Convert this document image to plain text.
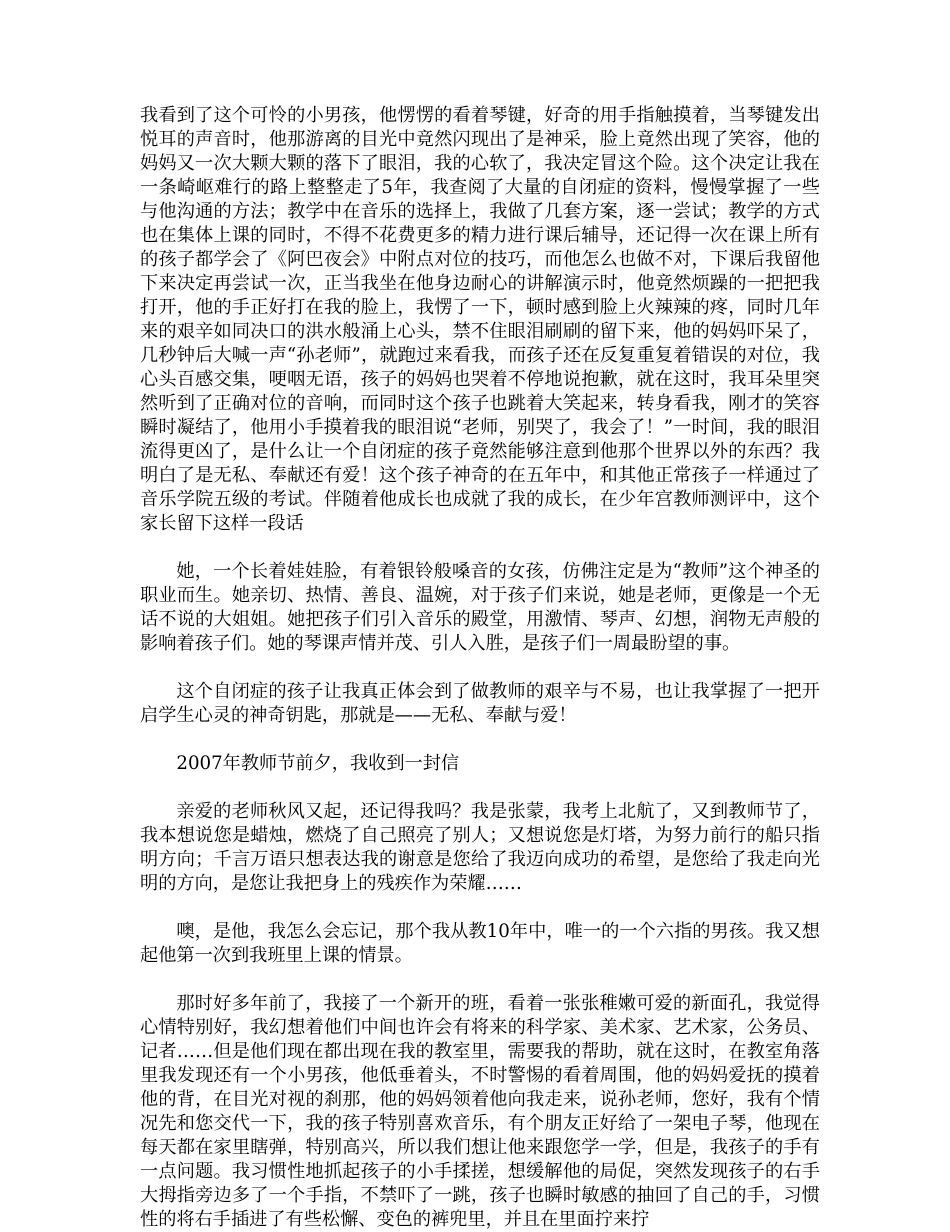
我看到了这个可怜的小男孩，他愣愣的看着琴键，好奇的用手指触摸着，当琴键发出悦耳的声音时，他那游离的目光中竟然闪现出了是神采，脸上竟然出现了笑容，他的妈妈又一次大颗大颗的落下了眼泪，我的心软了，我决定冒这个险。这个决定让我在一条崎岖难行的路上整整走了5年，我查阅了大量的自闭症的资料，慢慢掌握了一些与他沟通的方法；教学中在音乐的选择上，我做了几套方案，逐一尝试；教学的方式也在集体上课的同时，不得不花费更多的精力进行课后辅导，还记得一次在课上所有的孩子都学会了《阿巴夜会》中附点对位的技巧，而他怎么也做不对，下课后我留他下来决定再尝试一次，正当我坐在他身边耐心的讲解演示时，他竟然烦躁的一把把我打开，他的手正好打在我的脸上，我愣了一下，顿时感到脸上火辣辣的疼，同时几年来的艰辛如同决口的洪水般涌上心头，禁不住眼泪刷刷的留下来，他的妈妈吓呆了，几秒钟后大喊一声“孙老师”，就跑过来看我，而孩子还在反复重复着错误的对位，我心头百感交集，哽咽无语，孩子的妈妈也哭着不停地说抱歉，就在这时，我耳朵里突然听到了正确对位的音响，而同时这个孩子也跳着大笑起来，转身看我，刚才的笑容瞬时凝结了，他用小手摸着我的眼泪说“老师，别哭了，我会了！”一时间，我的眼泪流得更凶了，是什么让一个自闭症的孩子竟然能够注意到他那个世界以外的东西？我明白了是无私、奉献还有爱！这个孩子神奇的在五年中，和其他正常孩子一样通过了音乐学院五级的考试。伴随着他成长也成就了我的成长，在少年宫教师测评中，这个家长留下这样一段话

她，一个长着娃娃脸，有着银铃般嗓音的女孩，仿佛注定是为“教师”这个神圣的职业而生。她亲切、热情、善良、温婉，对于孩子们来说，她是老师，更像是一个无话不说的大姐姐。她把孩子们引入音乐的殿堂，用激情、琴声、幻想，润物无声般的影响着孩子们。她的琴课声情并茂、引人入胜，是孩子们一周最盼望的事。

这个自闭症的孩子让我真正体会到了做教师的艰辛与不易，也让我掌握了一把开启学生心灵的神奇钥匙，那就是——无私、奉献与爱！

2007年教师节前夕，我收到一封信

亲爱的老师秋风又起，还记得我吗？我是张蒙，我考上北航了，又到教师节了，我本想说您是蜡烛，燃烧了自己照亮了别人；又想说您是灯塔，为努力前行的船只指明方向；千言万语只想表达我的谢意是您给了我迈向成功的希望，是您给了我走向光明的方向，是您让我把身上的残疾作为荣耀……

噢，是他，我怎么会忘记，那个我从教10年中，唯一的一个六指的男孩。我又想起他第一次到我班里上课的情景。

那时好多年前了，我接了一个新开的班，看着一张张稚嫩可爱的新面孔，我觉得心情特别好，我幻想着他们中间也许会有将来的科学家、美术家、艺术家，公务员、记者……但是他们现在都出现在我的教室里，需要我的帮助，就在这时，在教室角落里我发现还有一个小男孩，他低垂着头，不时警惕的看着周围，他的妈妈爱抚的摸着他的背，在目光对视的刹那，他的妈妈领着他向我走来，说孙老师，您好，我有个情况先和您交代一下，我的孩子特别喜欢音乐，有个朋友正好给了一架电子琴，他现在每天都在家里瞎弹，特别高兴，所以我们想让他来跟您学一学，但是，我孩子的手有一点问题。我习惯性地抓起孩子的小手揉搓，想缓解他的局促，突然发现孩子的右手大拇指旁边多了一个手指，不禁吓了一跳，孩子也瞬时敏感的抽回了自己的手，习惯性的将右手插进了有些松懈、变色的裤兜里，并且在里面拧来拧
